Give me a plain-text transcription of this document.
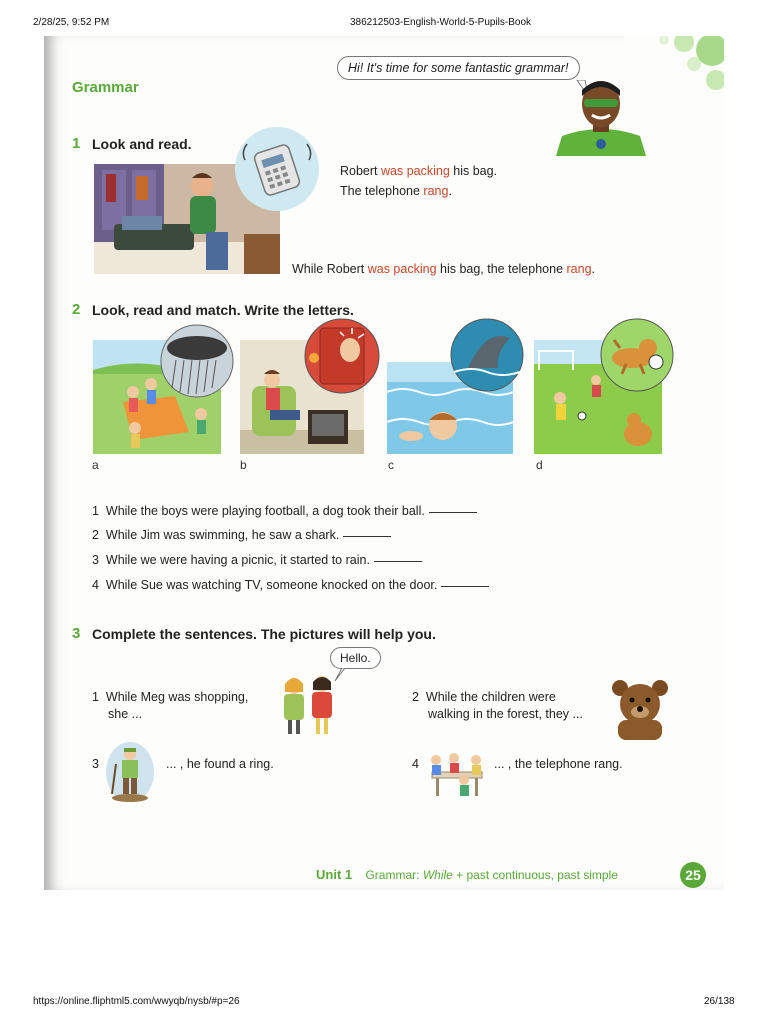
2/28/25, 9:52 PM	386212503-English-World-5-Pupils-Book
Grammar
Hi! It's time for some fantastic grammar!
1 Look and read.
Robert was packing his bag.
The telephone rang.
While Robert was packing his bag, the telephone rang.
2 Look, read and match. Write the letters.
a	b	c	d
1 While the boys were playing football, a dog took their ball.
2 While Jim was swimming, he saw a shark.
3 While we were having a picnic, it started to rain.
4 While Sue was watching TV, someone knocked on the door.
3 Complete the sentences. The pictures will help you.
Hello.
1 While Meg was shopping,
she ...
2 While the children were
walking in the forest, they ...
3	... , he found a ring.	4	... , the telephone rang.
Unit 1 Grammar: While + past continuous, past simple	25
https://online.fliphtml5.com/wwyqb/nysb/#p=26	26/138
